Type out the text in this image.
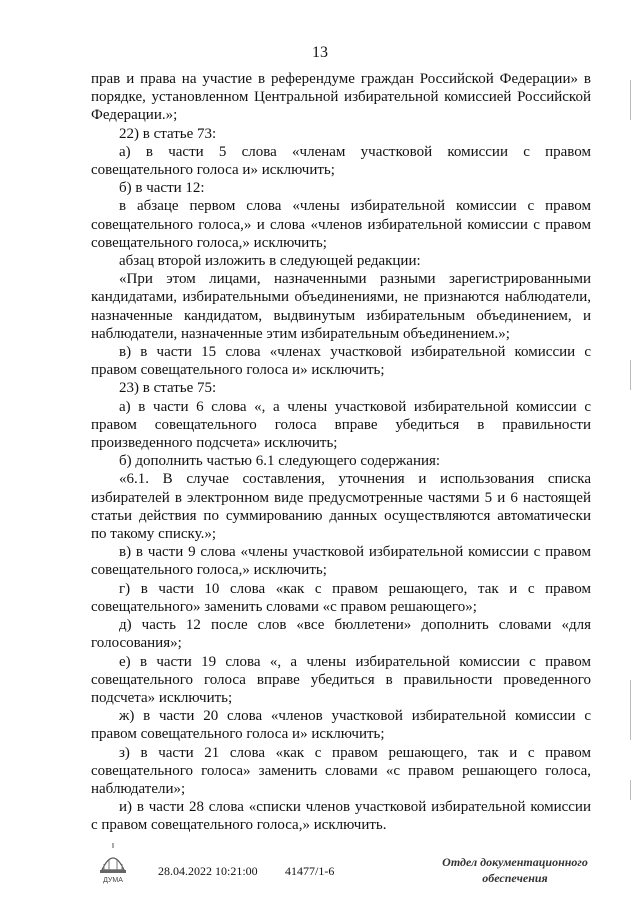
13

прав и права на участие в референдуме граждан Российской Федерации» в порядке, установленном Центральной избирательной комиссией Российской Федерации.»;

22) в статье 73:

а) в части 5 слова «членам участковой комиссии с правом совещательного голоса и» исключить;

б) в части 12:

в абзаце первом слова «члены избирательной комиссии с правом совещательного голоса,» и слова «членов избирательной комиссии с правом совещательного голоса,» исключить;

абзац второй изложить в следующей редакции:

«При этом лицами, назначенными разными зарегистрированными кандидатами, избирательными объединениями, не признаются наблюдатели, назначенные кандидатом, выдвинутым избирательным объединением, и наблюдатели, назначенные этим избирательным объединением.»;

в) в части 15 слова «членах участковой избирательной комиссии с правом совещательного голоса и» исключить;

23) в статье 75:

а) в части 6 слова «, а члены участковой избирательной комиссии с правом совещательного голоса вправе убедиться в правильности произведенного подсчета» исключить;

б) дополнить частью 6.1 следующего содержания:

«6.1. В случае составления, уточнения и использования списка избирателей в электронном виде предусмотренные частями 5 и 6 настоящей статьи действия по суммированию данных осуществляются автоматически по такому списку.»;

в) в части 9 слова «члены участковой избирательной комиссии с правом совещательного голоса,» исключить;

г) в части 10 слова «как с правом решающего, так и с правом совещательного» заменить словами «с правом решающего»;

д) часть 12 после слов «все бюллетени» дополнить словами «для голосования»;

е) в части 19 слова «, а члены избирательной комиссии с правом совещательного голоса вправе убедиться в правильности проведенного подсчета» исключить;

ж) в части 20 слова «членов участковой избирательной комиссии с правом совещательного голоса и» исключить;

з) в части 21 слова «как с правом решающего, так и с правом совещательного голоса» заменить словами «с правом решающего голоса, наблюдатели»;

и) в части 28 слова «списки членов участковой избирательной комиссии с правом совещательного голоса,» исключить.

ДУМА
28.04.2022 10:21:00 41477/1-6
Отдел документационного
обеспечения
